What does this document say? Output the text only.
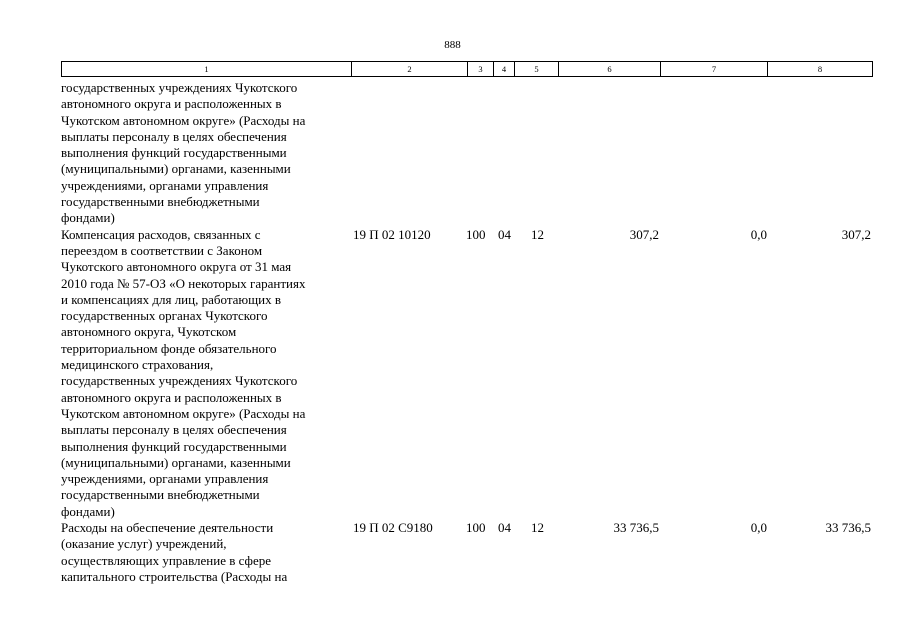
888
1	2	3	4	5	6	7	8
государственных учреждениях Чукотского
автономного округа и расположенных в
Чукотском автономном округе» (Расходы на
выплаты персоналу в целях обеспечения
выполнения функций государственными
(муниципальными) органами, казенными
учреждениями, органами управления
государственными внебюджетными
фондами)
Компенсация расходов, связанных с
переездом в соответствии с Законом
Чукотского автономного округа от 31 мая
2010 года № 57-ОЗ «О некоторых гарантиях
и компенсациях для лиц, работающих в
государственных органах Чукотского
автономного округа, Чукотском
территориальном фонде обязательного
медицинского страхования,
государственных учреждениях Чукотского
автономного округа и расположенных в
Чукотском автономном округе» (Расходы на
выплаты персоналу в целях обеспечения
выполнения функций государственными
(муниципальными) органами, казенными
учреждениями, органами управления
государственными внебюджетными
фондами)
19 П 02 10120	100 04 12	307,2	0,0	307,2
Расходы на обеспечение деятельности
(оказание услуг) учреждений,
осуществляющих управление в сфере
капитального строительства (Расходы на
19 П 02 С9180	100 04 12	33 736,5	0,0	33 736,5
